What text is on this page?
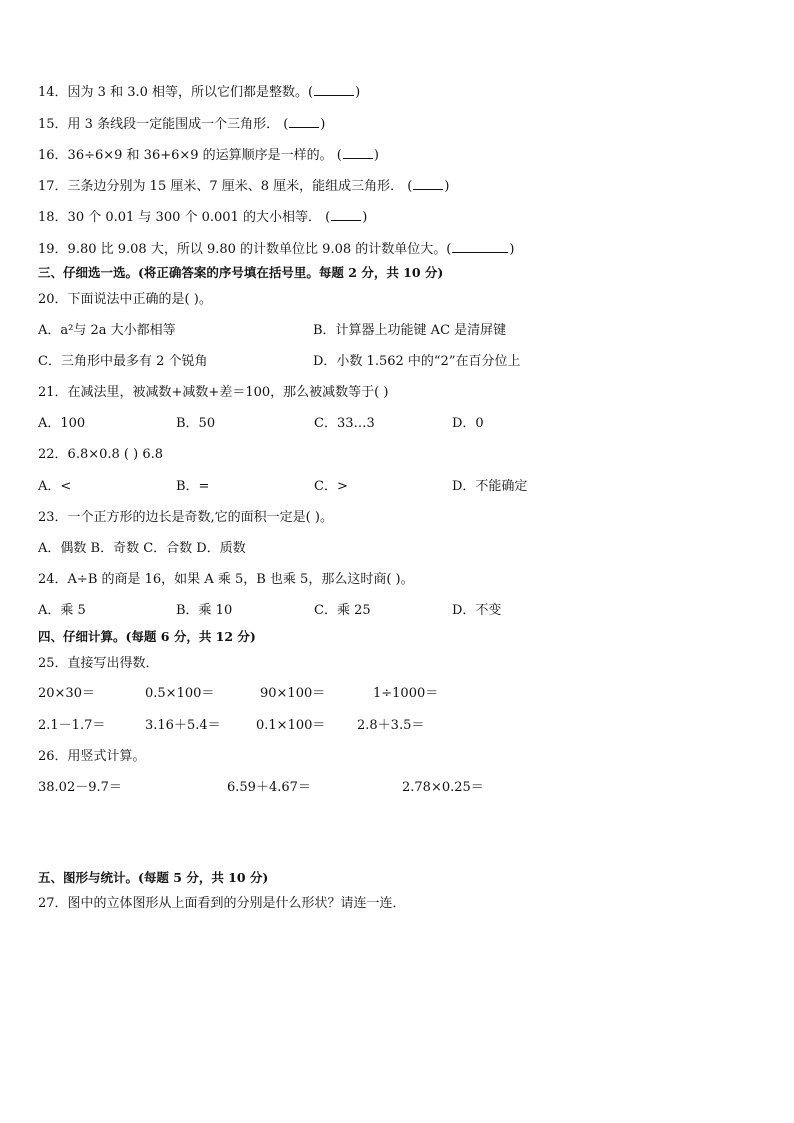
14．因为 3 和 3.0 相等，所以它们都是整数。(	)
15．用 3 条线段一定能围成一个三角形． ( )
16．36÷6×9 和 36+6×9 的运算顺序是一样的。 ( )
17．三条边分别为 15 厘米、7 厘米、8 厘米，能组成三角形． ( )
18．30 个 0.01 与 300 个 0.001 的大小相等． ( )
19．9.80 比 9.08 大，所以 9.80 的计数单位比 9.08 的计数单位大。(	)
三、仔细选一选。(将正确答案的序号填在括号里。每题 2 分，共 10 分)
20．下面说法中正确的是( )。
A．a²与 2a 大小都相等	B．计算器上功能键 AC 是清屏键
C．三角形中最多有 2 个锐角	D．小数 1.562 中的“2”在百分位上
21．在减法里，被减数+减数+差＝100，那么被减数等于( )
A．100	B．50	C．33…3	D．0
22．6.8×0.8 ( ) 6.8
A．<	B．=	C．>	D．不能确定
23．一个正方形的边长是奇数,它的面积一定是( )。
A．偶数 B．奇数 C．合数 D．质数
24．A÷B 的商是 16，如果 A 乘 5，B 也乘 5，那么这时商( )。
A．乘 5	B．乘 10	C．乘 25	D．不变
四、仔细计算。(每题 6 分，共 12 分)
25．直接写出得数．
20×30＝	0.5×100＝	90×100＝	1÷1000＝
2.1－1.7＝	3.16＋5.4＝	0.1×100＝ 2.8＋3.5＝
26．用竖式计算。
38.02－9.7＝	6.59＋4.67＝	2.78×0.25＝
五、图形与统计。(每题 5 分，共 10 分)
27．图中的立体图形从上面看到的分别是什么形状？请连一连．
